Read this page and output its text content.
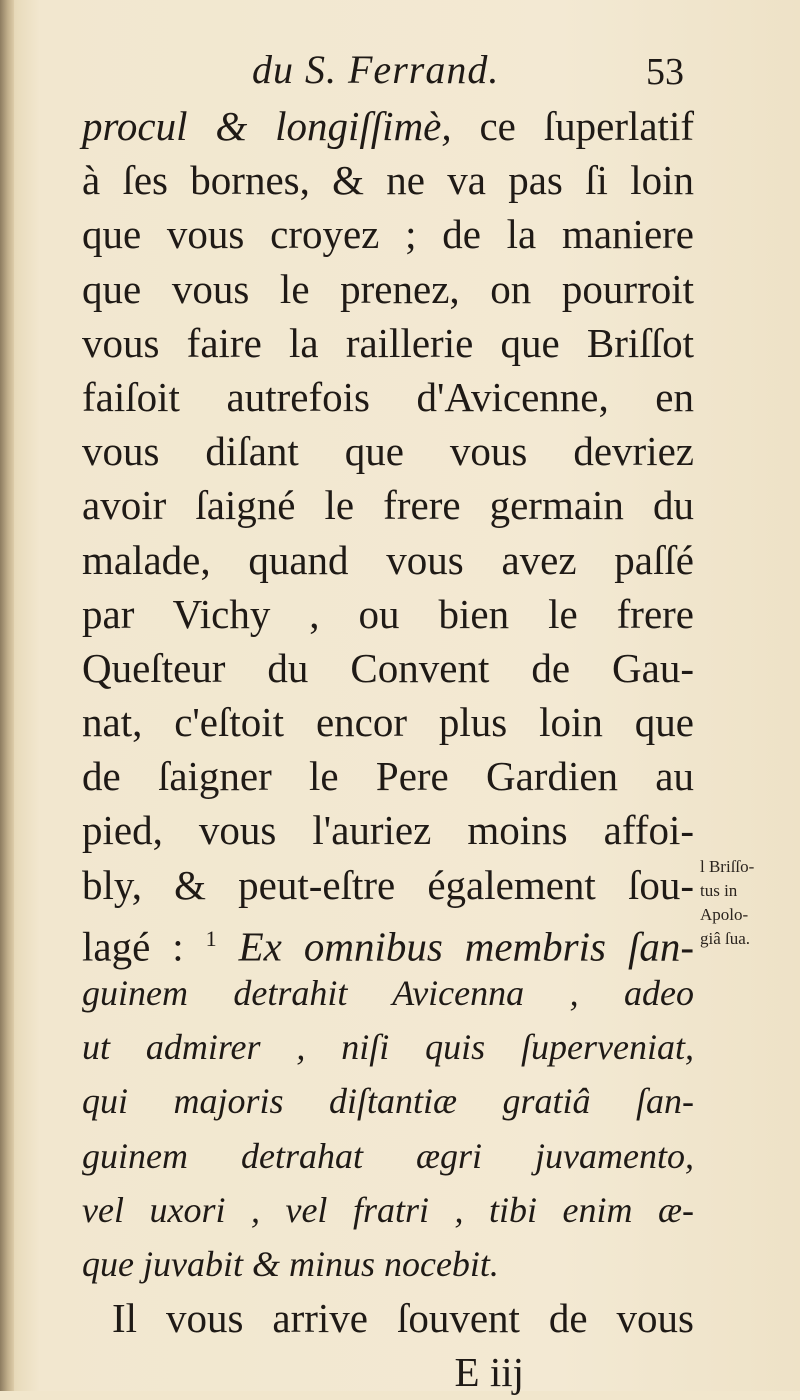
du S. Ferrand.	53
procul & longiſſimè, ce ſuperlatif
à ſes bornes, & ne va pas ſi loin
que vous croyez ; de la maniere
que vous le prenez, on pourroit
vous faire la raillerie que Briſſot
faiſoit autrefois d'Avicenne, en
vous diſant que vous devriez
avoir ſaigné le frere germain du
malade, quand vous avez paſſé
par Vichy , ou bien le frere
Queſteur du Convent de Gau-
nat, c'eſtoit encor plus loin que
de ſaigner le Pere Gardien au
pied, vous l'auriez moins affoi-
bly, & peut-eſtre également ſou-
lagé : $^1$ Ex omnibus membris ſan-
guinem detrahit Avicenna , adeo
ut admirer , niſi quis ſuperveniat,
qui majoris diſtantiæ gratiâ ſan-
guinem detrahat ægri juvamento,
vel uxori , vel fratri , tibi enim æ-
que juvabit & minus nocebit.
Il vous arrive ſouvent de vous
E iij
l Briſſo-
tus in
Apolo-
giâ ſua.
